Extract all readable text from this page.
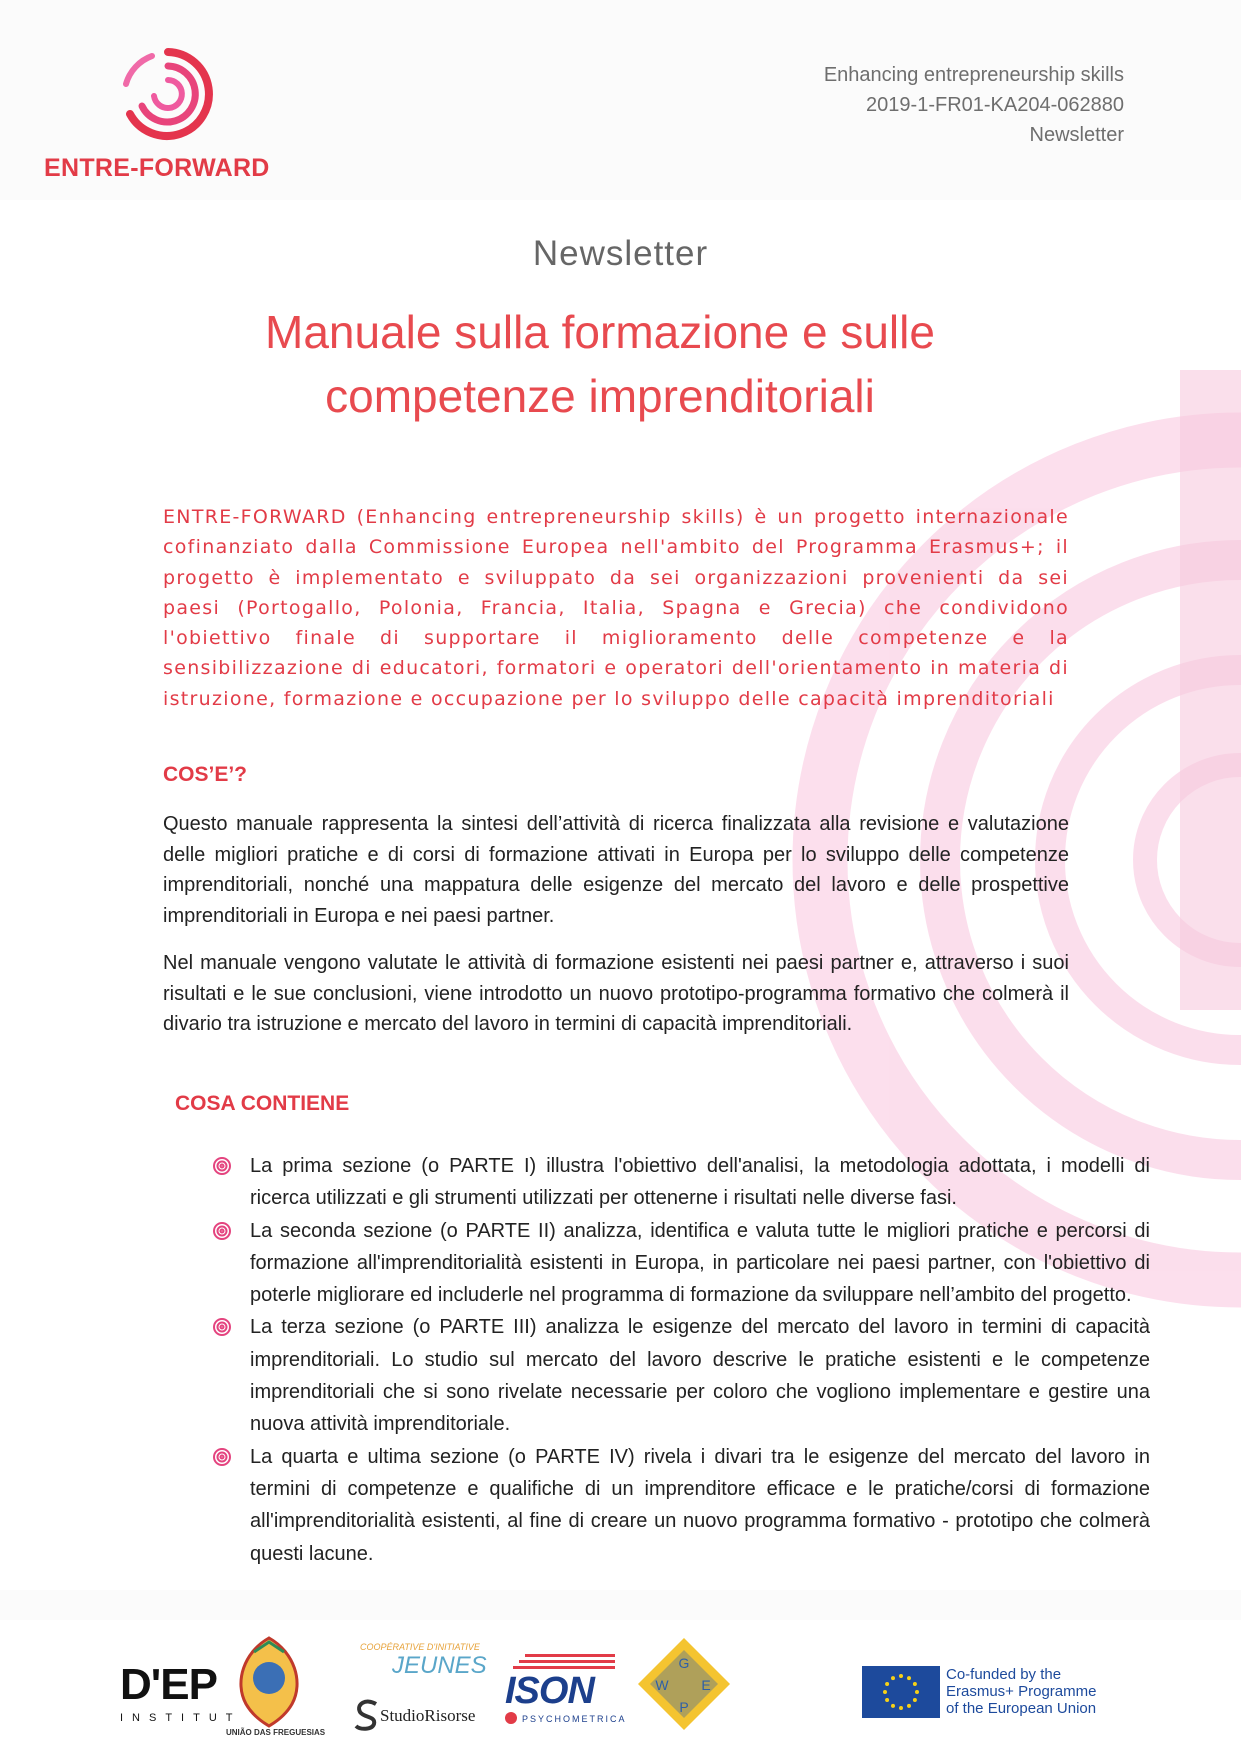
ENTRE-FORWARD
Enhancing entrepreneurship skills
2019-1-FR01-KA204-062880
Newsletter
Newsletter
Manuale sulla formazione e sulle
competenze imprenditoriali

ENTRE-FORWARD (Enhancing entrepreneurship skills) è un progetto internazionale cofinanziato dalla Commissione Europea nell'ambito del Programma Erasmus+; il progetto è implementato e sviluppato da sei organizzazioni provenienti da sei paesi (Portogallo, Polonia, Francia, Italia, Spagna e Grecia) che condividono l'obiettivo finale di supportare il miglioramento delle competenze e la sensibilizzazione di educatori, formatori e operatori dell'orientamento in materia di istruzione, formazione e occupazione per lo sviluppo delle capacità imprenditoriali

COS’E’?

Questo manuale rappresenta la sintesi dell’attività di ricerca finalizzata alla revisione e valutazione delle migliori pratiche e di corsi di formazione attivati in Europa per lo sviluppo delle competenze imprenditoriali, nonché una mappatura delle esigenze del mercato del lavoro e delle prospettive imprenditoriali in Europa e nei paesi partner.

Nel manuale vengono valutate le attività di formazione esistenti nei paesi partner e, attraverso i suoi risultati e le sue conclusioni, viene introdotto un nuovo prototipo-programma formativo che colmerà il divario tra istruzione e mercato del lavoro in termini di capacità imprenditoriali.

COSA CONTIENE
La prima sezione (o PARTE I) illustra l'obiettivo dell'analisi, la metodologia adottata, i modelli di ricerca utilizzati e gli strumenti utilizzati per ottenerne i risultati nelle diverse fasi.
La seconda sezione (o PARTE II) analizza, identifica e valuta tutte le migliori pratiche e percorsi di formazione all'imprenditorialità esistenti in Europa, in particolare nei paesi partner, con l'obiettivo di poterle migliorare ed includerle nel programma di formazione da sviluppare nell’ambito del progetto.
La terza sezione (o PARTE III) analizza le esigenze del mercato del lavoro in termini di capacità imprenditoriali. Lo studio sul mercato del lavoro descrive le pratiche esistenti e le competenze imprenditoriali che si sono rivelate necessarie per coloro che vogliono implementare e gestire una nuova attività imprenditoriale.
La quarta e ultima sezione (o PARTE IV) rivela i divari tra le esigenze del mercato del lavoro in termini di competenze e qualifiche di un imprenditore efficace e le pratiche/corsi di formazione all'imprenditorialità esistenti, al fine di creare un nuovo programma formativo - prototipo che colmerà questi lacune.
D'EP
INSTITUT
UNIÃO DAS FREGUESIAS
COOPÉRATIVE D'INITIATIVE
JEUNES
StudioRisorse
ISON
PSYCHOMETRICA
G
W E
P
Co-funded by the
Erasmus+ Programme
of the European Union
